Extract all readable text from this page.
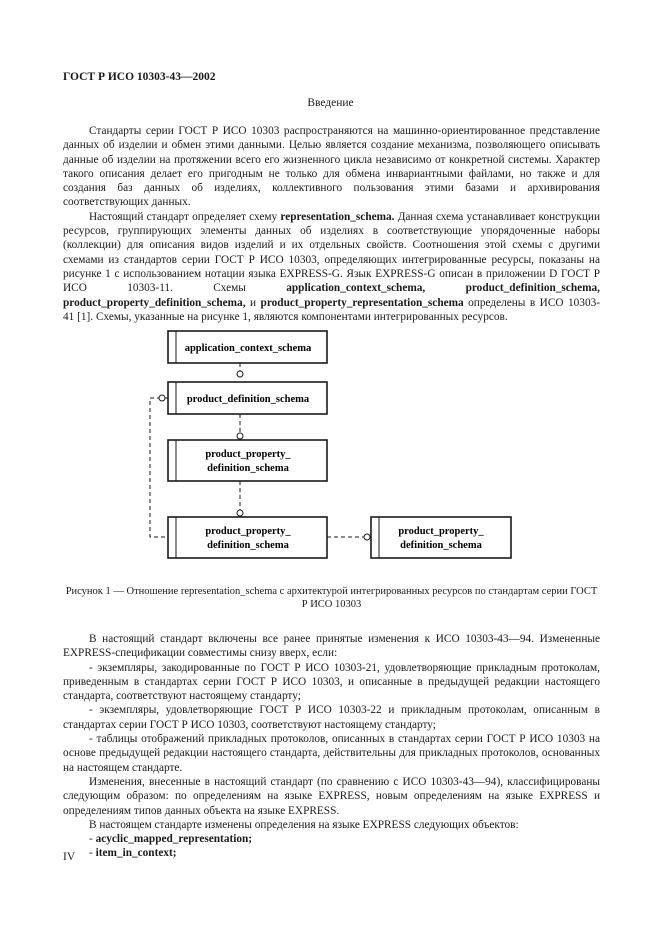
ГОСТ Р ИСО 10303-43—2002
Введение

Стандарты серии ГОСТ Р ИСО 10303 распространяются на машинно-ориентированное представление данных об изделии и обмен этими данными. Целью является создание механизма, позволяющего описывать данные об изделии на протяжении всего его жизненного цикла независимо от конкретной системы. Характер такого описания делает его пригодным не только для обмена инвариантными файлами, но также и для создания баз данных об изделиях, коллективного пользования этими базами и архивирования соответствующих данных.

Настоящий стандарт определяет схему representation_schema. Данная схема устанавливает конструкции ресурсов, группирующих элементы данных об изделиях в соответствующие упорядоченные наборы (коллекции) для описания видов изделий и их отдельных свойств. Соотношения этой схемы с другими схемами из стандартов серии ГОСТ Р ИСО 10303, определяющих интегрированные ресурсы, показаны на рисунке 1 с использованием нотации языка EXPRESS-G. Язык EXPRESS-G описан в приложении D ГОСТ Р ИСО 10303-11. Схемы application_context_schema, product_definition_schema, product_property_definition_schema, и product_property_representation_schema определены в ИСО 10303-41 [1]. Схемы, указанные на рисунке 1, являются компонентами интегрированных ресурсов.

application_context_schema
product_definition_schema
product_property_
definition_schema
product_property_
definition_schema
product_property_
definition_schema
Рисунок 1 — Отношение representation_schema с архитектурой интегрированных ресурсов по стандартам серии ГОСТ Р ИСО 10303

В настоящий стандарт включены все ранее принятые изменения к ИСО 10303-43—94. Измененные EXPRESS-спецификации совместимы снизу вверх, если:

- экземпляры, закодированные по ГОСТ Р ИСО 10303-21, удовлетворяющие прикладным протоколам, приведенным в стандартах серии ГОСТ Р ИСО 10303, и описанные в предыдущей редакции настоящего стандарта, соответствуют настоящему стандарту;

- экземпляры, удовлетворяющие ГОСТ Р ИСО 10303-22 и прикладным протоколам, описанным в стандартах серии ГОСТ Р ИСО 10303, соответствуют настоящему стандарту;

- таблицы отображений прикладных протоколов, описанных в стандартах серии ГОСТ Р ИСО 10303 на основе предыдущей редакции настоящего стандарта, действительны для прикладных протоколов, основанных на настоящем стандарте.

Изменения, внесенные в настоящий стандарт (по сравнению с ИСО 10303-43—94), классифицированы следующим образом: по определениям на языке EXPRESS, новым определениям на языке EXPRESS и определениям типов данных объекта на языке EXPRESS.

В настоящем стандарте изменены определения на языке EXPRESS следующих объектов:

- acyclic_mapped_representation;

- item_in_context;

IV
